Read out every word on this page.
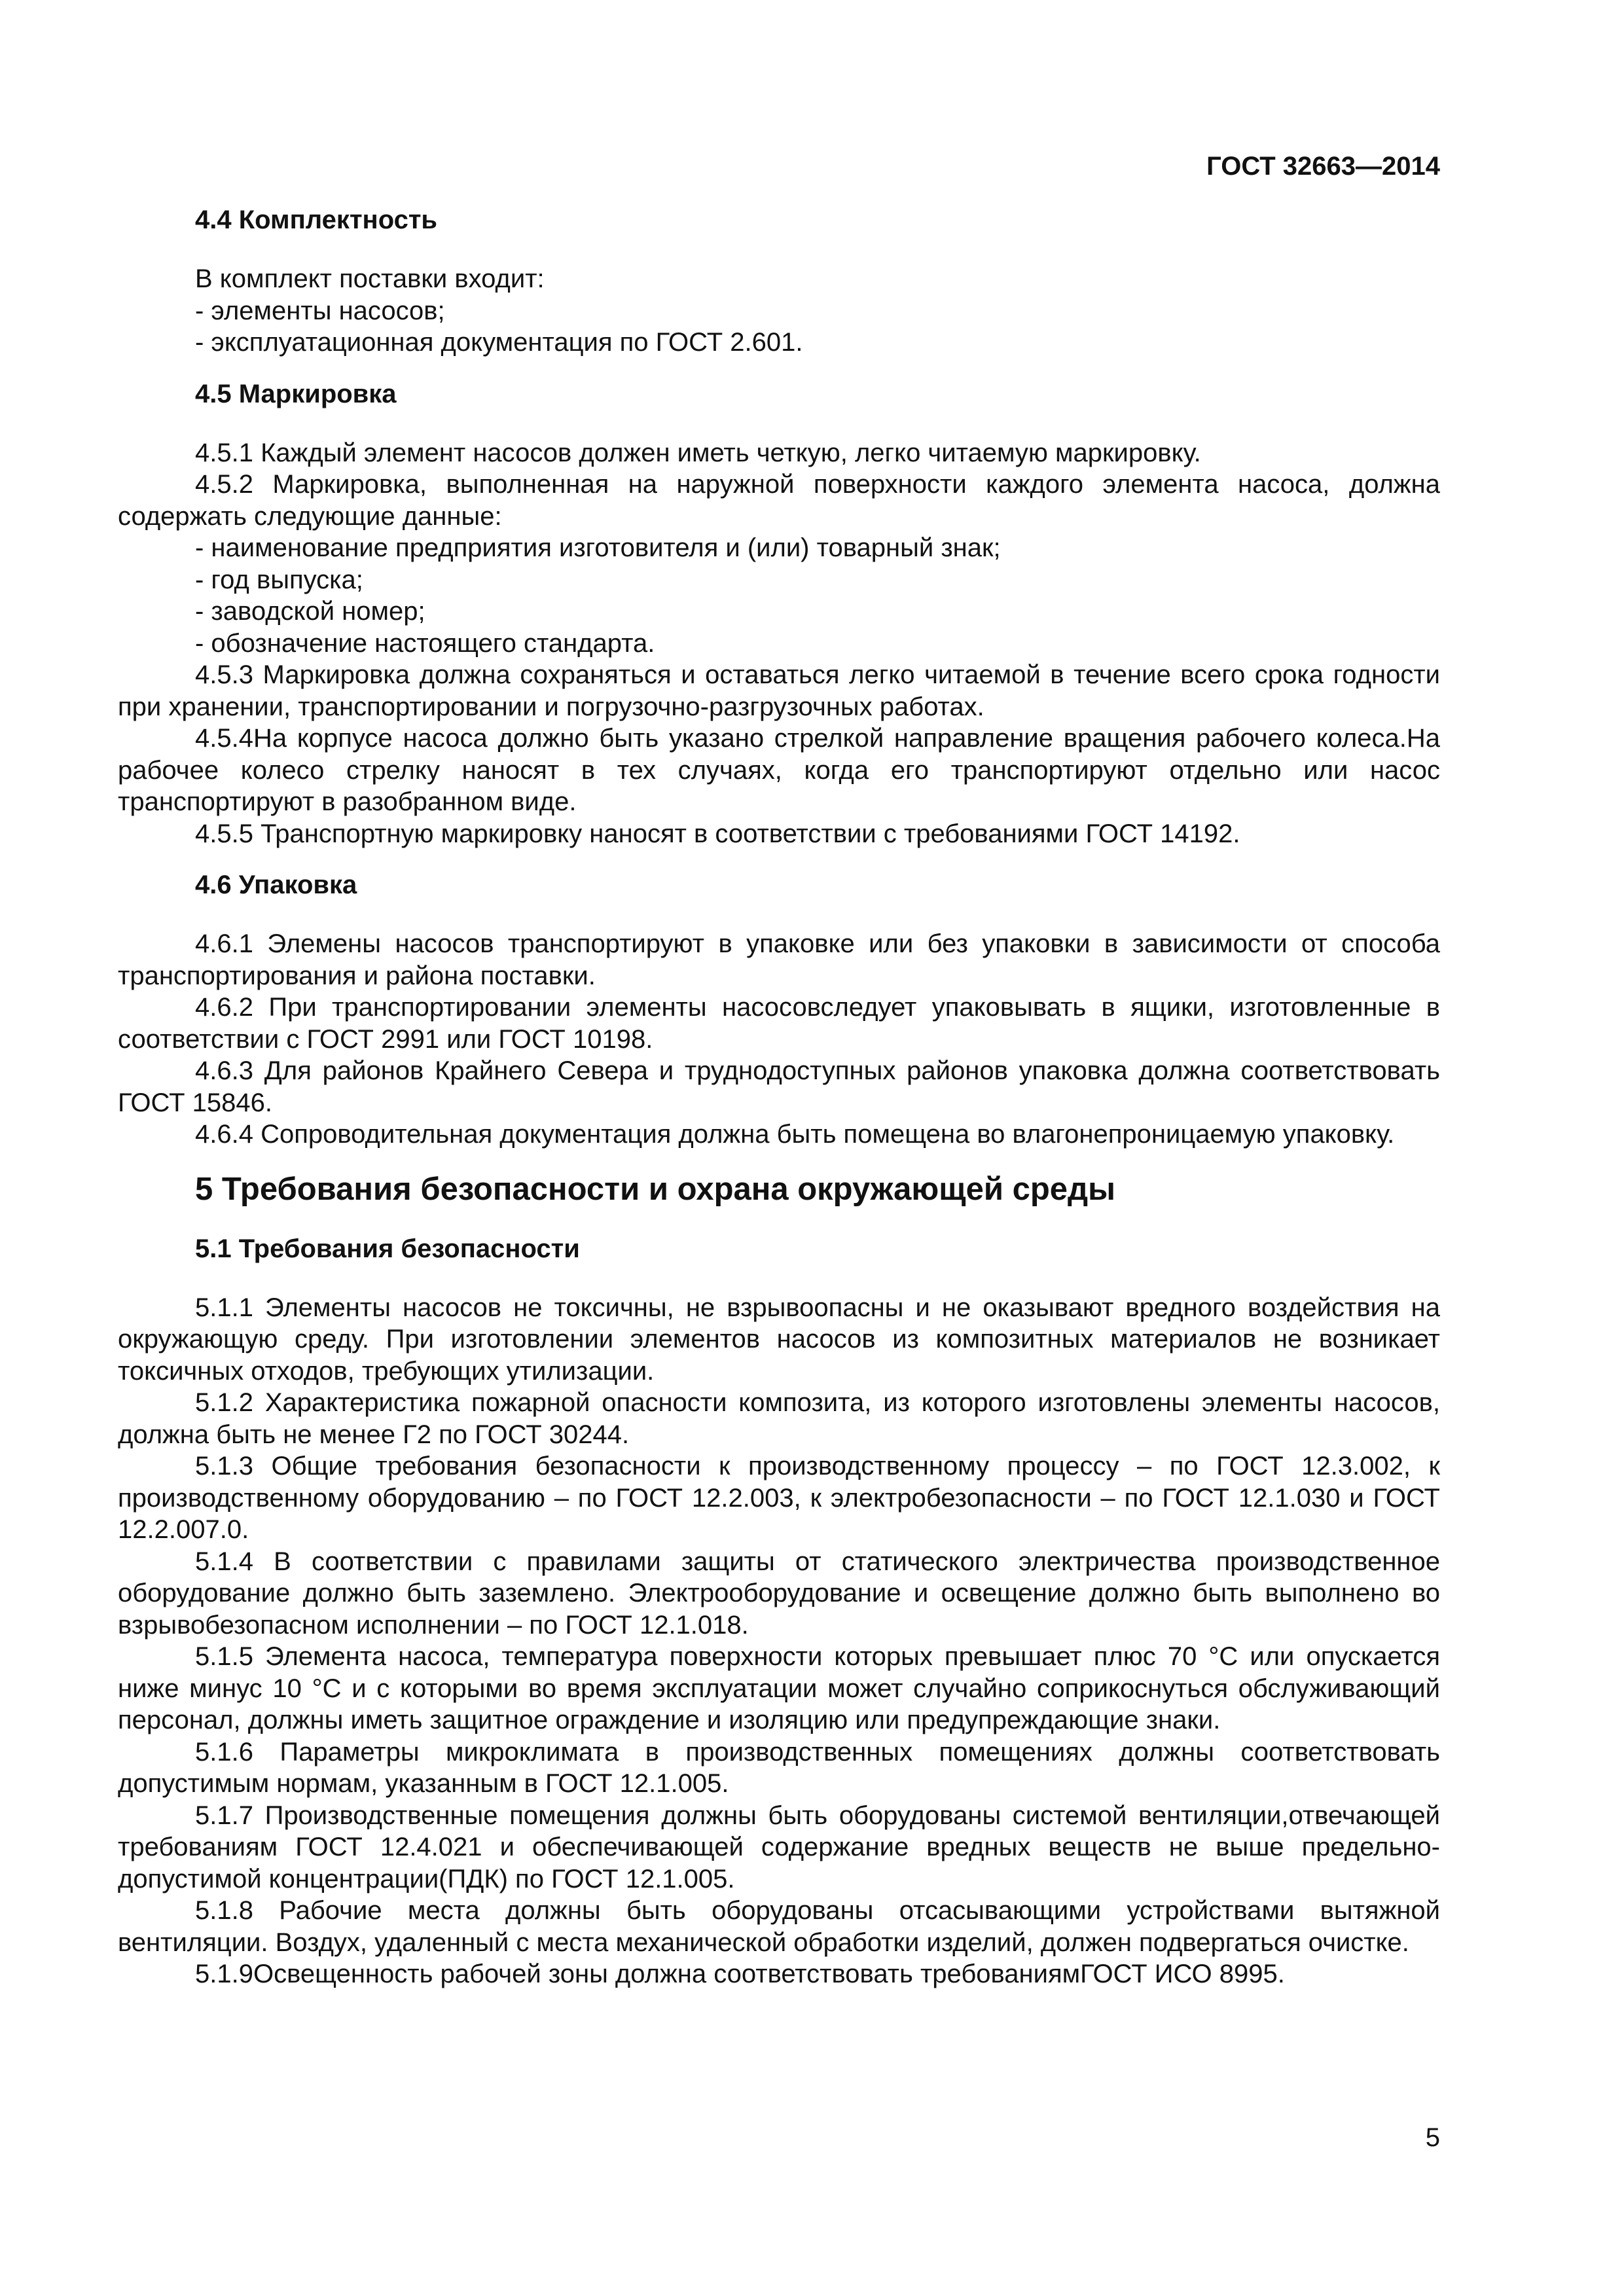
ГОСТ 32663—2014
4.4 Комплектность
В комплект поставки входит:
- элементы насосов;
- эксплуатационная документация по ГОСТ 2.601.
4.5 Маркировка
4.5.1 Каждый элемент насосов должен иметь четкую, легко читаемую маркировку.
4.5.2 Маркировка, выполненная на наружной поверхности каждого элемента насоса, должна содержать следующие данные:
- наименование предприятия изготовителя и (или) товарный знак;
- год выпуска;
- заводской номер;
- обозначение настоящего стандарта.
4.5.3 Маркировка должна сохраняться и оставаться легко читаемой в течение всего срока годности при хранении, транспортировании и погрузочно-разгрузочных работах.
4.5.4На корпусе насоса должно быть указано стрелкой направление вращения рабочего колеса.На рабочее колесо стрелку наносят в тех случаях, когда его транспортируют отдельно или насос транспортируют в разобранном виде.
4.5.5 Транспортную маркировку наносят в соответствии с требованиями ГОСТ 14192.
4.6 Упаковка
4.6.1 Элемены насосов транспортируют в упаковке или без упаковки в зависимости от способа транспортирования и района поставки.
4.6.2 При транспортировании элементы насосовследует упаковывать в ящики, изготовленные в соответствии с ГОСТ 2991 или ГОСТ 10198.
4.6.3 Для районов Крайнего Севера и труднодоступных районов упаковка должна соответствовать ГОСТ 15846.
4.6.4 Сопроводительная документация должна быть помещена во влагонепроницаемую упаковку.
5 Требования безопасности и охрана окружающей среды
5.1 Требования безопасности
5.1.1 Элементы насосов не токсичны, не взрывоопасны и не оказывают вредного воздействия на окружающую среду. При изготовлении элементов насосов из композитных материалов не возникает токсичных отходов, требующих утилизации.
5.1.2 Характеристика пожарной опасности композита, из которого изготовлены элементы насосов, должна быть не менее Г2 по ГОСТ 30244.
5.1.3 Общие требования безопасности к производственному процессу – по ГОСТ 12.3.002, к производственному оборудованию – по ГОСТ 12.2.003, к электробезопасности – по ГОСТ 12.1.030 и ГОСТ 12.2.007.0.
5.1.4 В соответствии с правилами защиты от статического электричества производственное оборудование должно быть заземлено. Электрооборудование и освещение должно быть выполнено во взрывобезопасном исполнении – по ГОСТ 12.1.018.
5.1.5 Элемента насоса, температура поверхности которых превышает плюс 70 °С или опускается ниже минус 10 °С и с которыми во время эксплуатации может случайно соприкоснуться обслуживающий персонал, должны иметь защитное ограждение и изоляцию или предупреждающие знаки.
5.1.6 Параметры микроклимата в производственных помещениях должны соответствовать допустимым нормам, указанным в ГОСТ 12.1.005.
5.1.7 Производственные помещения должны быть оборудованы системой вентиляции,отвечающей требованиям ГОСТ 12.4.021 и обеспечивающей содержание вредных веществ не выше предельно-допустимой концентрации(ПДК) по ГОСТ 12.1.005.
5.1.8 Рабочие места должны быть оборудованы отсасывающими устройствами вытяжной вентиляции. Воздух, удаленный с места механической обработки изделий, должен подвергаться очистке.
5.1.9Освещенность рабочей зоны должна соответствовать требованиямГОСТ ИСО 8995.
5
